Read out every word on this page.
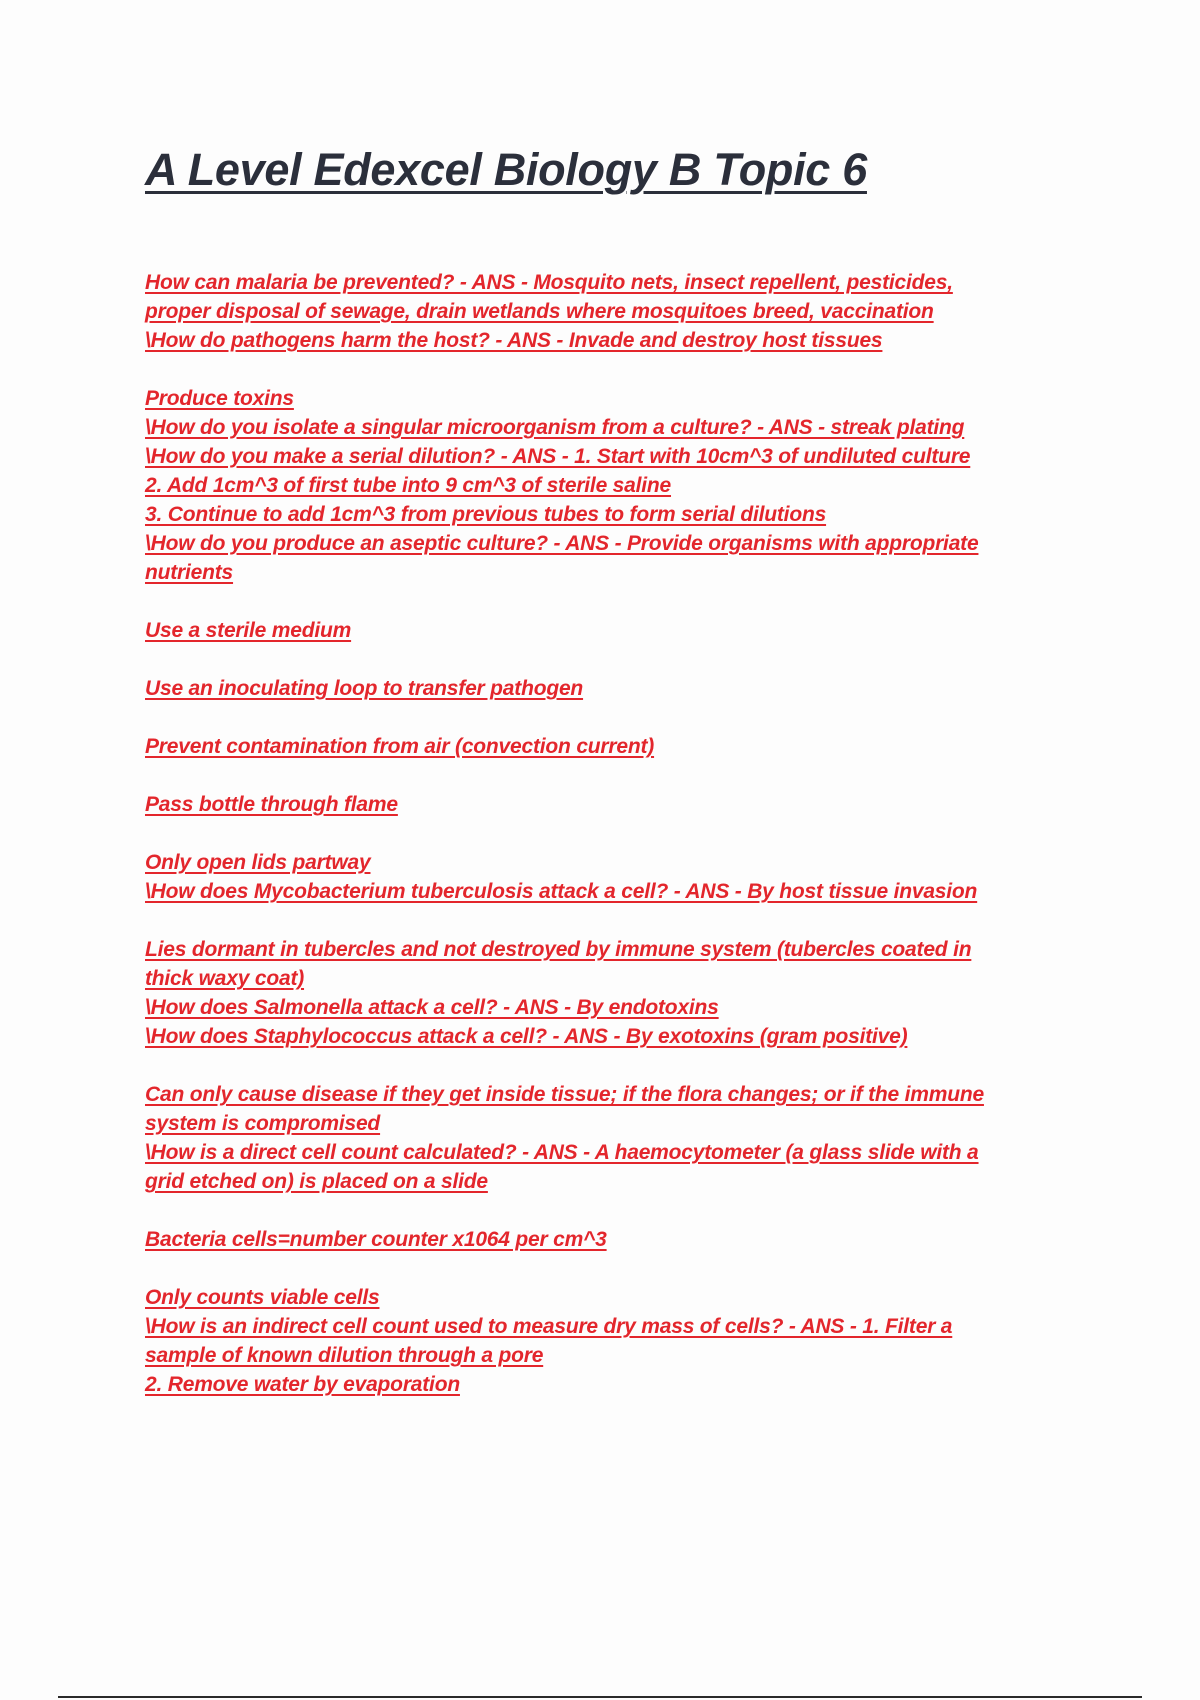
A Level Edexcel Biology B Topic 6
How can malaria be prevented? - ANS - Mosquito nets, insect repellent, pesticides,
proper disposal of sewage, drain wetlands where mosquitoes breed, vaccination
\How do pathogens harm the host? - ANS - Invade and destroy host tissues
Produce toxins
\How do you isolate a singular microorganism from a culture? - ANS - streak plating
\How do you make a serial dilution? - ANS - 1. Start with 10cm^3 of undiluted culture
2. Add 1cm^3 of first tube into 9 cm^3 of sterile saline
3. Continue to add 1cm^3 from previous tubes to form serial dilutions
\How do you produce an aseptic culture? - ANS - Provide organisms with appropriate
nutrients
Use a sterile medium
Use an inoculating loop to transfer pathogen
Prevent contamination from air (convection current)
Pass bottle through flame
Only open lids partway
\How does Mycobacterium tuberculosis attack a cell? - ANS - By host tissue invasion
Lies dormant in tubercles and not destroyed by immune system (tubercles coated in
thick waxy coat)
\How does Salmonella attack a cell? - ANS - By endotoxins
\How does Staphylococcus attack a cell? - ANS - By exotoxins (gram positive)
Can only cause disease if they get inside tissue; if the flora changes; or if the immune
system is compromised
\How is a direct cell count calculated? - ANS - A haemocytometer (a glass slide with a
grid etched on) is placed on a slide
Bacteria cells=number counter x1064 per cm^3
Only counts viable cells
\How is an indirect cell count used to measure dry mass of cells? - ANS - 1. Filter a
sample of known dilution through a pore
2. Remove water by evaporation
